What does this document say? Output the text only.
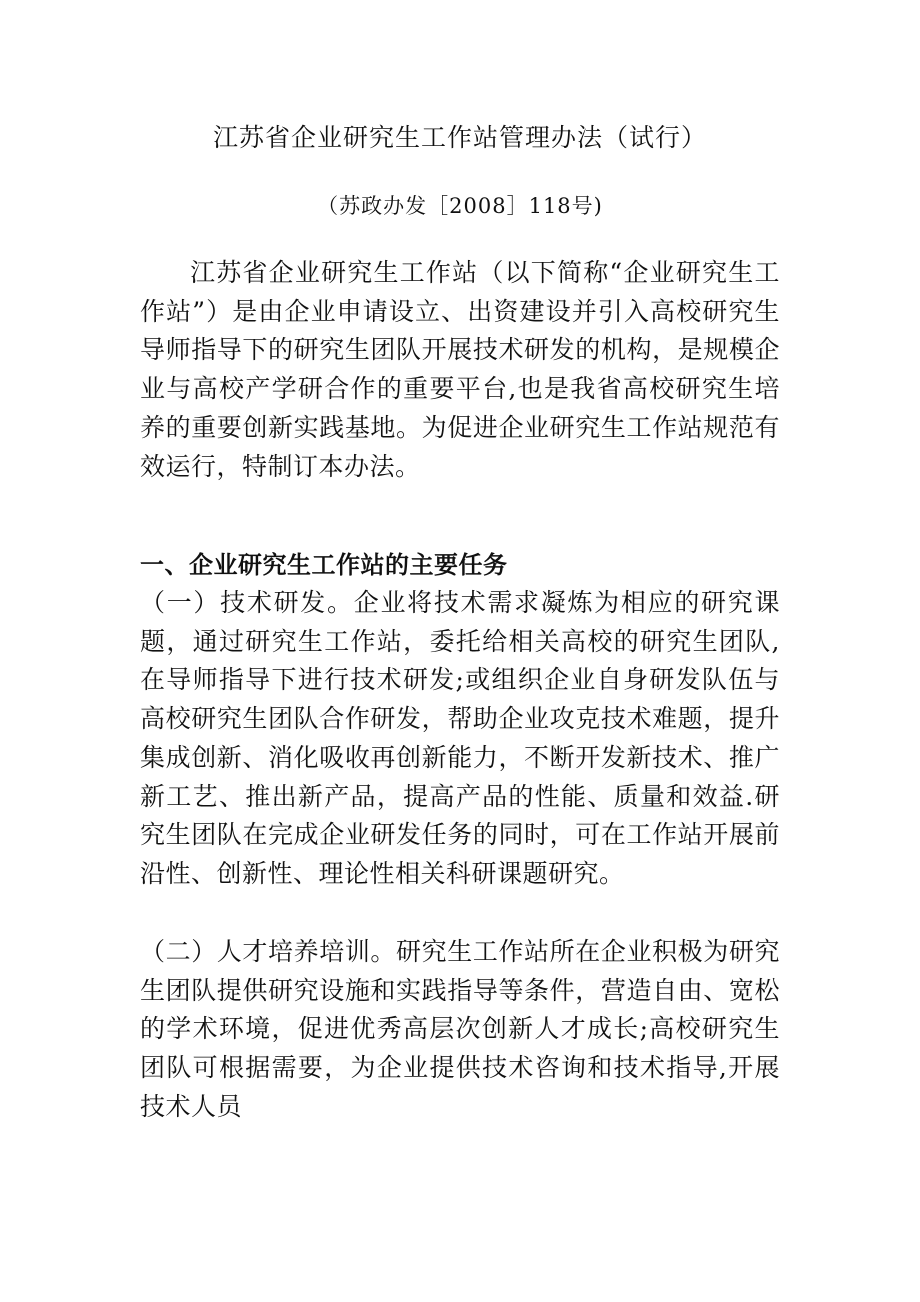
江苏省企业研究生工作站管理办法（试行）
（苏政办发［2008］118号)

江苏省企业研究生工作站（以下简称“企业研究生工作站”）是由企业申请设立、出资建设并引入高校研究生导师指导下的研究生团队开展技术研发的机构，是规模企业与高校产学研合作的重要平台,也是我省高校研究生培养的重要创新实践基地。为促进企业研究生工作站规范有效运行，特制订本办法。

一、企业研究生工作站的主要任务

（一）技术研发。企业将技术需求凝炼为相应的研究课题，通过研究生工作站，委托给相关高校的研究生团队,在导师指导下进行技术研发;或组织企业自身研发队伍与高校研究生团队合作研发，帮助企业攻克技术难题，提升集成创新、消化吸收再创新能力，不断开发新技术、推广新工艺、推出新产品，提高产品的性能、质量和效益.研究生团队在完成企业研发任务的同时，可在工作站开展前沿性、创新性、理论性相关科研课题研究。

（二）人才培养培训。研究生工作站所在企业积极为研究生团队提供研究设施和实践指导等条件，营造自由、宽松的学术环境，促进优秀高层次创新人才成长;高校研究生团队可根据需要，为企业提供技术咨询和技术指导,开展技术人员
